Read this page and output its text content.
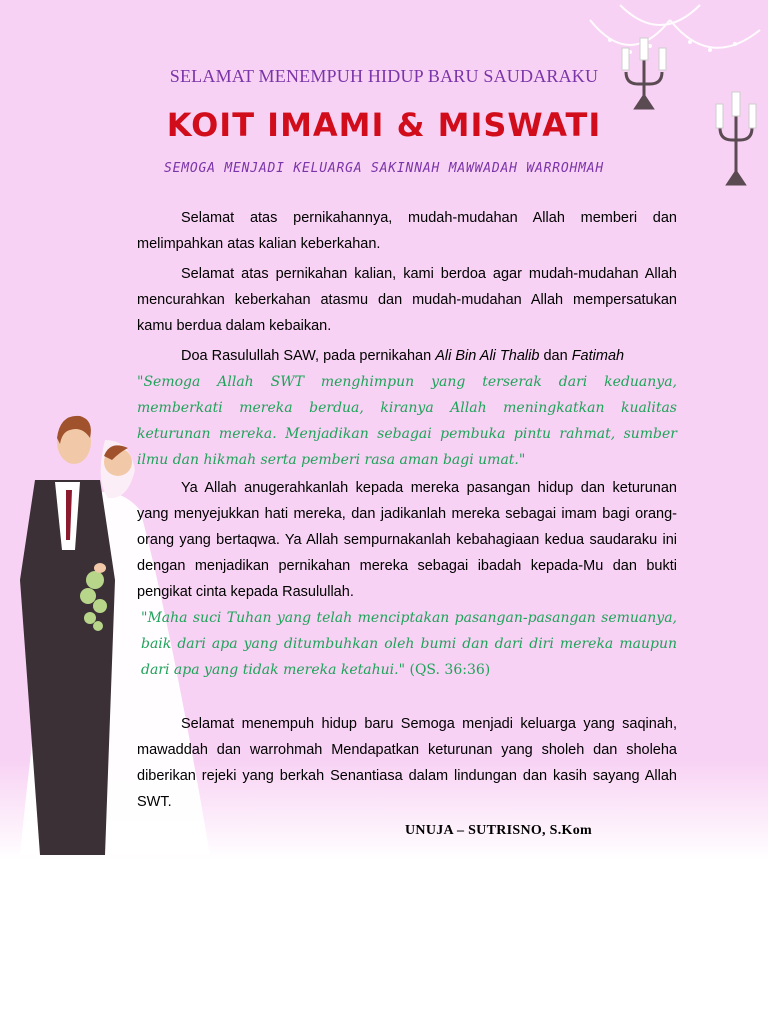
SELAMAT MENEMPUH HIDUP BARU SAUDARAKU
KOIT IMAMI & MISWATI
SEMOGA MENJADI KELUARGA SAKINNAH MAWWADAH WARROHMAH

Selamat atas pernikahannya, mudah-mudahan Allah memberi dan melimpahkan atas kalian keberkahan.

Selamat atas pernikahan kalian, kami berdoa agar mudah-mudahan Allah mencurahkan keberkahan atasmu dan mudah-mudahan Allah mempersatukan kamu berdua dalam kebaikan.

Doa Rasulullah SAW, pada pernikahan Ali Bin Ali Thalib dan Fatimah

"Semoga Allah SWT menghimpun yang terserak dari keduanya, memberkati mereka berdua, kiranya Allah meningkatkan kualitas keturunan mereka. Menjadikan sebagai pembuka pintu rahmat, sumber ilmu dan hikmah serta pemberi rasa aman bagi umat."

Ya Allah anugerahkanlah kepada mereka pasangan hidup dan keturunan yang menyejukkan hati mereka, dan jadikanlah mereka sebagai imam bagi orang-orang yang bertaqwa. Ya Allah sempurnakanlah kebahagiaan kedua saudaraku ini dengan menjadikan pernikahan mereka sebagai ibadah kepada-Mu dan bukti pengikat cinta kepada Rasulullah.

"Maha suci Tuhan yang telah menciptakan pasangan-pasangan semuanya, baik dari apa yang ditumbuhkan oleh bumi dan dari diri mereka maupun dari apa yang tidak mereka ketahui." (QS. 36:36)

Selamat menempuh hidup baru Semoga menjadi keluarga yang saqinah, mawaddah dan warrohmah Mendapatkan keturunan yang sholeh dan sholeha diberikan rejeki yang berkah Senantiasa dalam lindungan dan kasih sayang Allah SWT.

UNUJA – SUTRISNO, S.Kom
